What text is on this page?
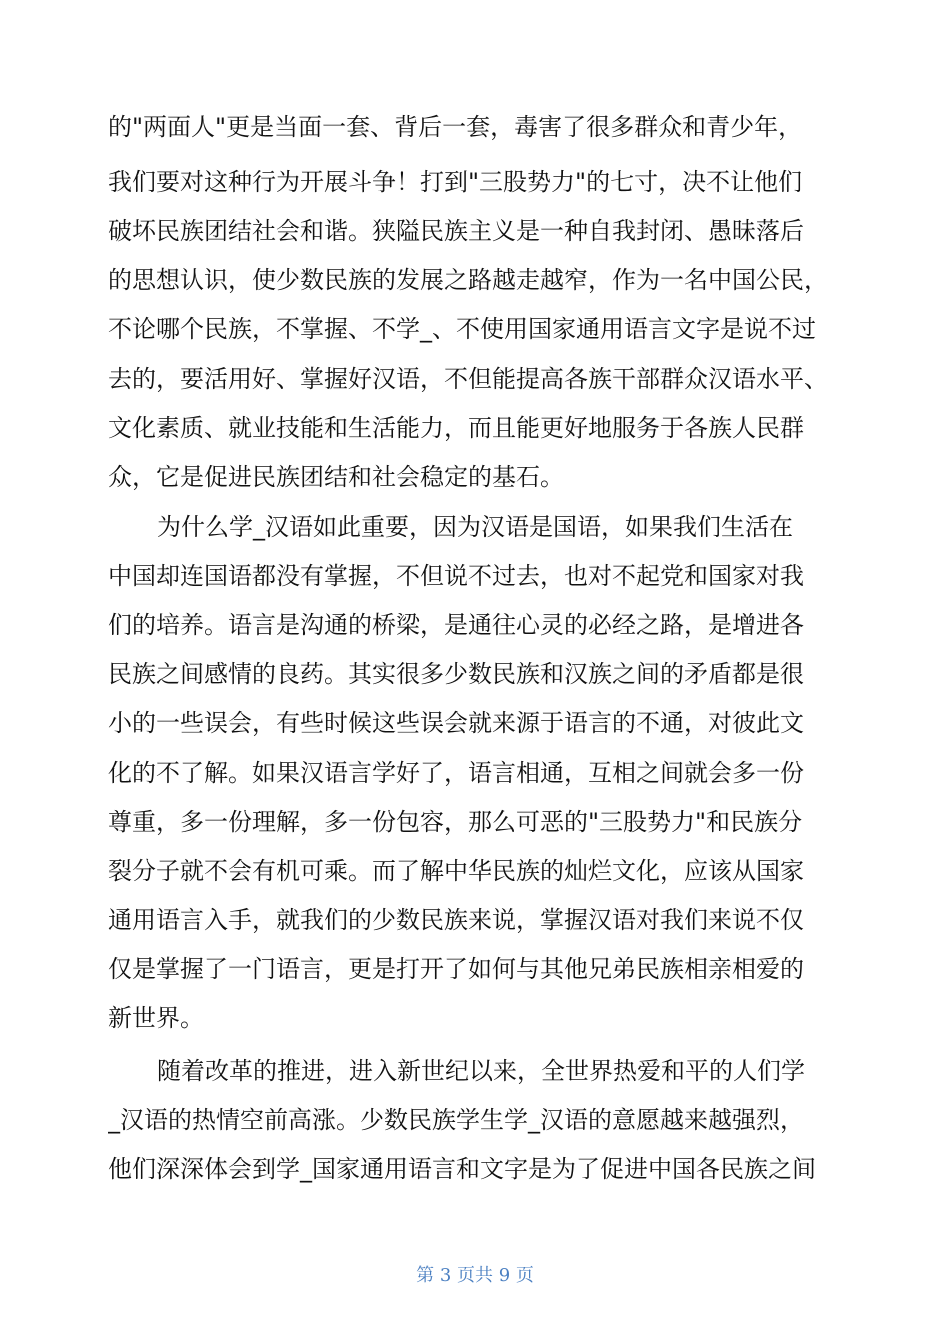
的"两面人"更是当面一套、背后一套，毒害了很多群众和青少年，
我们要对这种行为开展斗争！打到"三股势力"的七寸，决不让他们
破坏民族团结社会和谐。狭隘民族主义是一种自我封闭、愚昧落后
的思想认识，使少数民族的发展之路越走越窄，作为一名中国公民，
不论哪个民族，不掌握、不学_、不使用国家通用语言文字是说不过
去的，要活用好、掌握好汉语，不但能提高各族干部群众汉语水平、
文化素质、就业技能和生活能力，而且能更好地服务于各族人民群
众，它是促进民族团结和社会稳定的基石。
为什么学_汉语如此重要，因为汉语是国语，如果我们生活在
中国却连国语都没有掌握，不但说不过去，也对不起党和国家对我
们的培养。语言是沟通的桥梁，是通往心灵的必经之路，是增进各
民族之间感情的良药。其实很多少数民族和汉族之间的矛盾都是很
小的一些误会，有些时候这些误会就来源于语言的不通，对彼此文
化的不了解。如果汉语言学好了，语言相通，互相之间就会多一份
尊重，多一份理解，多一份包容，那么可恶的"三股势力"和民族分
裂分子就不会有机可乘。而了解中华民族的灿烂文化，应该从国家
通用语言入手，就我们的少数民族来说，掌握汉语对我们来说不仅
仅是掌握了一门语言，更是打开了如何与其他兄弟民族相亲相爱的
新世界。
随着改革的推进，进入新世纪以来，全世界热爱和平的人们学
_汉语的热情空前高涨。少数民族学生学_汉语的意愿越来越强烈，
他们深深体会到学_国家通用语言和文字是为了促进中国各民族之间
第 3 页共 9 页
